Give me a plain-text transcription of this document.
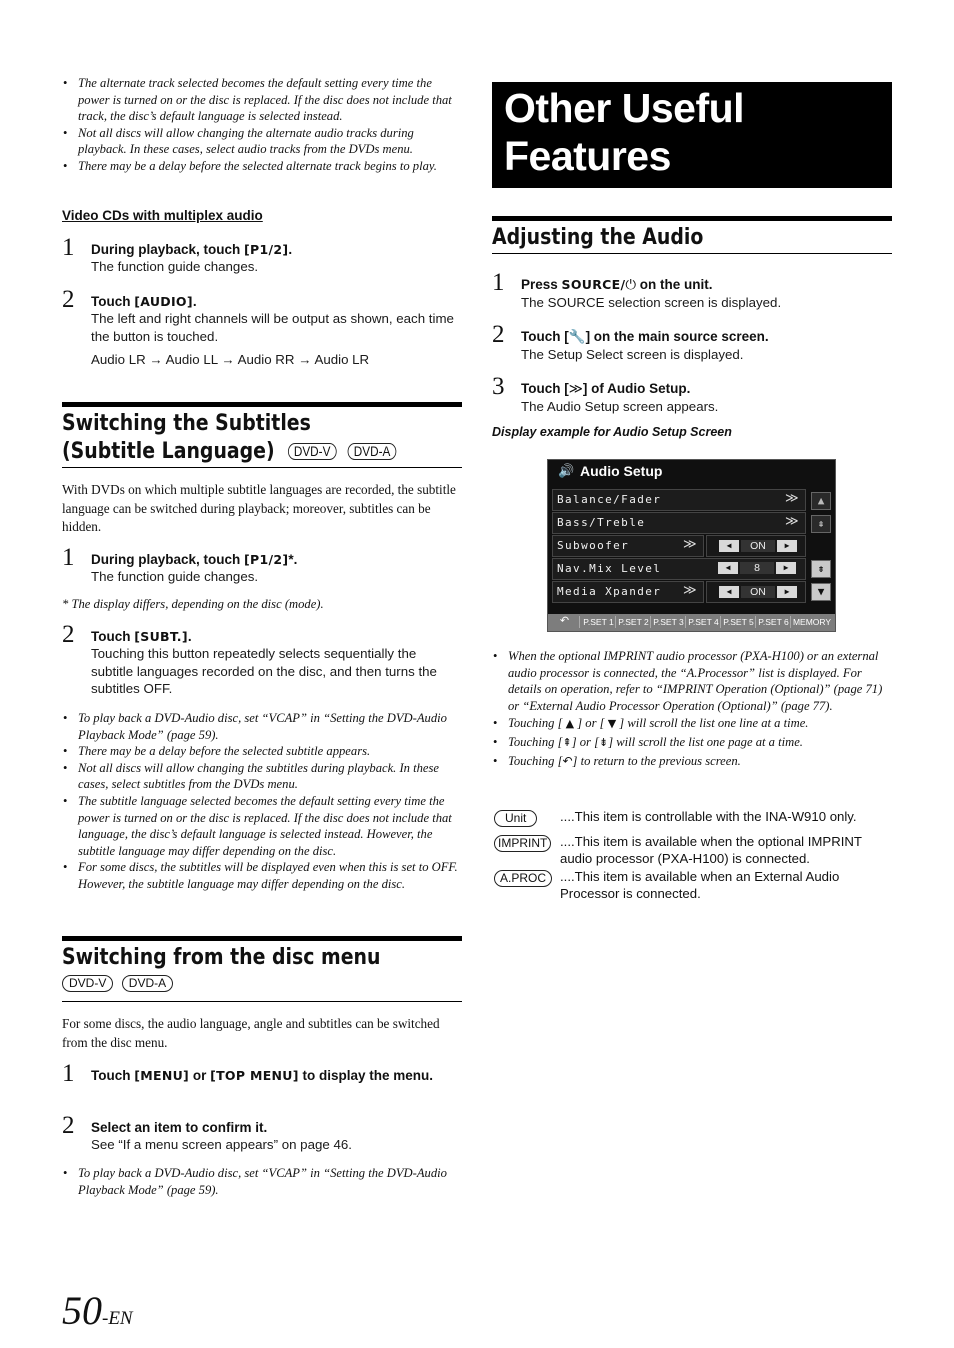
• The alternate track selected becomes the default setting every time the power is turned on or the disc is replaced. If the disc does not include that track, the disc’s default language is selected instead.
• Not all discs will allow changing the alternate audio tracks during playback. In these cases, select audio tracks from the DVDs menu.
• There may be a delay before the selected alternate track begins to play.
Video CDs with multiplex audio
1 During playback, touch [P1/2].
The function guide changes.
2 Touch [AUDIO].
The left and right channels will be output as shown, each time the button is touched.
Audio LR → Audio LL → Audio RR → Audio LR
Switching the Subtitles
(Subtitle Language) DVD-V DVD-A
With DVDs on which multiple subtitle languages are recorded, the subtitle language can be switched during playback; moreover, subtitles can be hidden.
1 During playback, touch [P1/2]*.
The function guide changes.
* The display differs, depending on the disc (mode).
2 Touch [SUBT.].
Touching this button repeatedly selects sequentially the subtitle languages recorded on the disc, and then turns the subtitles OFF.
• To play back a DVD-Audio disc, set “VCAP” in “Setting the DVD-Audio Playback Mode” (page 59).
• There may be a delay before the selected subtitle appears.
• Not all discs will allow changing the subtitles during playback. In these cases, select subtitles from the DVDs menu.
• The subtitle language selected becomes the default setting every time the power is turned on or the disc is replaced. If the disc does not include that language, the disc’s default language is selected instead. However, the subtitle language may differ depending on the disc.
• For some discs, the subtitles will be displayed even when this is set to OFF. However, the subtitle language may differ depending on the disc.
Switching from the disc menu
DVD-V DVD-A
For some discs, the audio language, angle and subtitles can be switched from the disc menu.
1 Touch [MENU] or [TOP MENU] to display the menu.
2 Select an item to confirm it.
See “If a menu screen appears” on page 46.
• To play back a DVD-Audio disc, set “VCAP” in “Setting the DVD-Audio Playback Mode” (page 59).
50-EN
Other Useful
Features
Adjusting the Audio
1 Press SOURCE/⏻ on the unit.
The SOURCE selection screen is displayed.
2 Touch [🔧] on the main source screen.
The Setup Select screen is displayed.
3 Touch [≫] of Audio Setup.
The Audio Setup screen appears.
Display example for Audio Setup Screen
🔊 Audio Setup
Balance/Fader	≫
Bass/Treble	≫
Subwoofer	≫	◀	ON	▶
Nav.Mix Level	◀	8	▶
Media Xpander ≫	◀	ON	▶
▲
⇞
⇟
▼
↶	P.SET 1 P.SET 2 P.SET 3 P.SET 4 P.SET 5 P.SET 6 MEMORY
• When the optional IMPRINT audio processor (PXA-H100) or an external audio processor is connected, the “A.Processor” list is displayed. For details on operation, refer to “IMPRINT Operation (Optional)” (page 71) or “External Audio Processor Operation (Optional)” (page 77).
• Touching [ ▲ ] or [ ▼ ] will scroll the list one line at a time.
• Touching [⇞] or [⇟] will scroll the list one page at a time.
• Touching [↶] to return to the previous screen.
Unit	....This item is controllable with the INA-W910 only.
IMPRINT ....This item is available when the optional IMPRINT audio processor (PXA-H100) is connected.
A.PROC	....This item is available when an External Audio Processor is connected.
